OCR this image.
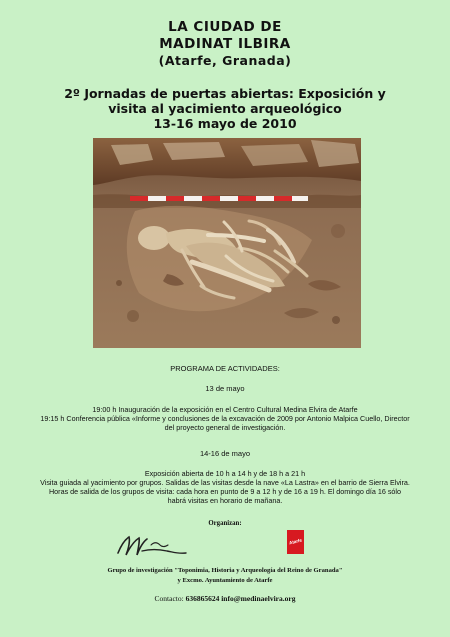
LA CIUDAD DE
MADINAT ILBIRA
(Atarfe, Granada)
2º Jornadas de puertas abiertas: Exposición y
visita al yacimiento arqueológico
13-16 mayo de 2010
PROGRAMA DE ACTIVIDADES:
13 de mayo
19:00 h Inauguración de la exposición en el Centro Cultural Medina Elvira de Atarfe
19:15 h Conferencia pública «Informe y conclusiones de la excavación de 2009 por Antonio Malpica Cuello, Director
del proyecto general de investigación.
14-16 de mayo
Exposición abierta de 10 h a 14 h y de 18 h a 21 h
Visita guiada al yacimiento por grupos. Salidas de las visitas desde la nave «La Lastra» en el barrio de Sierra Elvira.
Horas de salida de los grupos de visita: cada hora en punto de 9 a 12 h y de 16 a 19 h. El domingo día 16 sólo
habrá visitas en horario de mañana.
Organizan:
Atarfe
Grupo de investigación "Toponimia, Historia y Arqueología del Reino de Granada"
y Excmo. Ayuntamiento de Atarfe
Contacto: 636865624 info@medinaelvira.org
